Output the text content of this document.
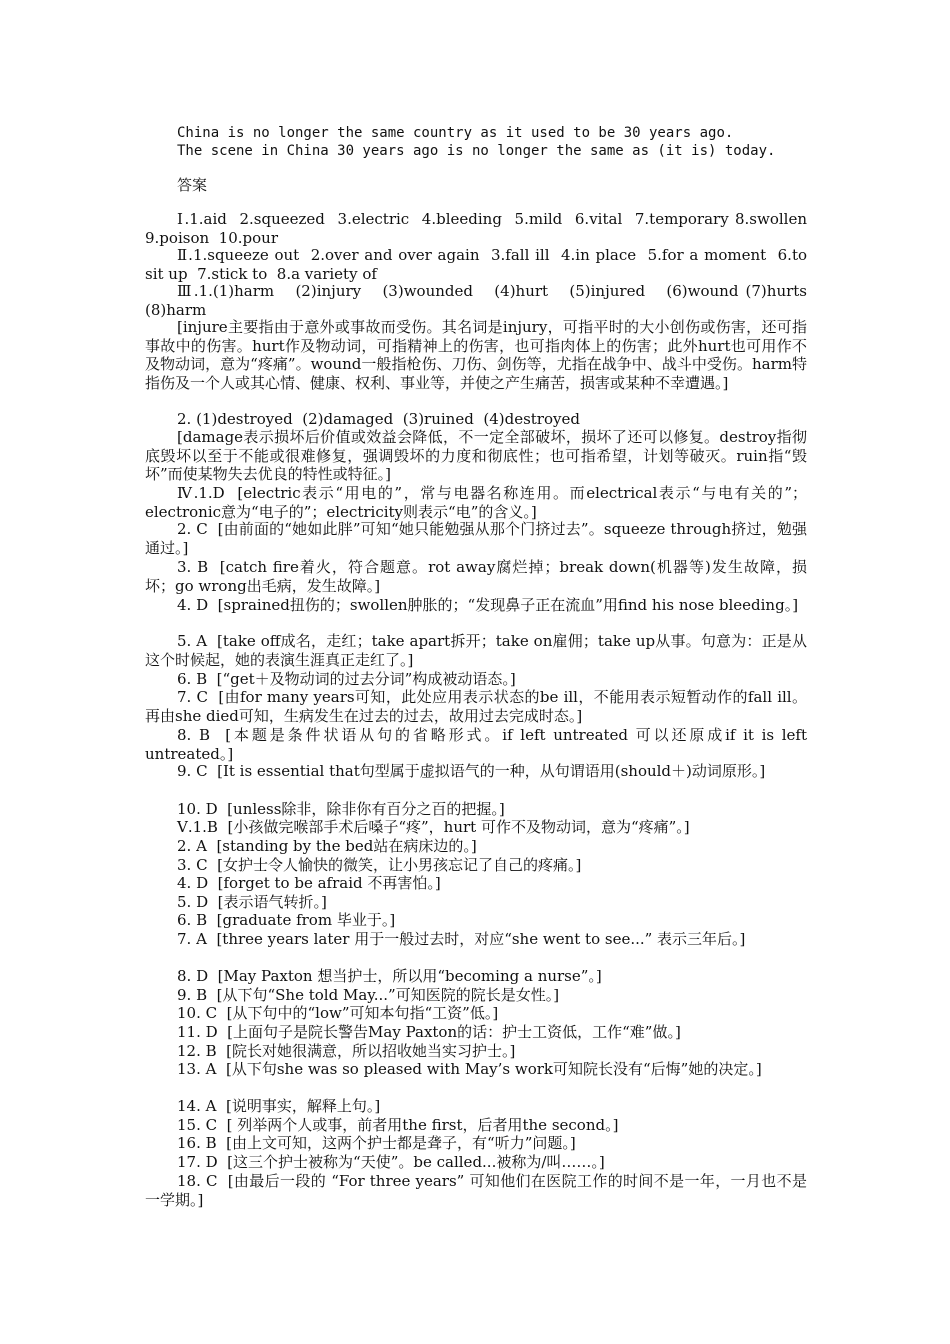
China is no longer the same country as it used to be 30 years ago.
The scene in China 30 years ago is no longer the same as (it is) today.
答案
Ⅰ.1.aid  2.squeezed  3.electric  4.bleeding  5.mild  6.vital  7.temporary 8.swollen  9.poison  10.pour
Ⅱ.1.squeeze out  2.over and over again  3.fall ill  4.in place  5.for a moment  6.to sit up  7.stick to  8.a variety of
Ⅲ.1.(1)harm   (2)injury   (3)wounded   (4)hurt   (5)injured   (6)wound (7)hurts  (8)harm
[injure主要指由于意外或事故而受伤。其名词是injury，可指平时的大小创伤或伤害，还可指事故中的伤害。hurt作及物动词，可指精神上的伤害，也可指肉体上的伤害；此外hurt也可用作不及物动词，意为“疼痛”。wound一般指枪伤、刀伤、剑伤等，尤指在战争中、战斗中受伤。harm特指伤及一个人或其心情、健康、权利、事业等，并使之产生痛苦，损害或某种不幸遭遇。]
2. (1)destroyed  (2)damaged  (3)ruined  (4)destroyed
[damage表示损坏后价值或效益会降低，不一定全部破坏，损坏了还可以修复。destroy指彻底毁坏以至于不能或很难修复，强调毁坏的力度和彻底性；也可指希望，计划等破灭。ruin指“毁坏”而使某物失去优良的特性或特征。]
Ⅳ.1.D  [electric表示“用电的”，常与电器名称连用。而electrical表示“与电有关的”；electronic意为“电子的”；electricity则表示“电”的含义。]
2. C  [由前面的“她如此胖”可知“她只能勉强从那个门挤过去”。squeeze through挤过，勉强通过。]
3. B  [catch fire着火，符合题意。rot away腐烂掉；break down(机器等)发生故障，损坏；go wrong出毛病，发生故障。]
4. D  [sprained扭伤的；swollen肿胀的；“发现鼻子正在流血”用find his nose bleeding。]
5. A  [take off成名，走红；take apart拆开；take on雇佣；take up从事。句意为：正是从这个时候起，她的表演生涯真正走红了。]
6. B  [“get＋及物动词的过去分词”构成被动语态。]
7. C  [由for many years可知，此处应用表示状态的be ill，不能用表示短暂动作的fall ill。再由she died可知，生病发生在过去的过去，故用过去完成时态。]
8. B  [本题是条件状语从句的省略形式。if left untreated 可以还原成if it is left untreated。]
9. C  [It is essential that句型属于虚拟语气的一种，从句谓语用(should＋)动词原形。]
10. D  [unless除非，除非你有百分之百的把握。]
Ⅴ.1.B  [小孩做完喉部手术后嗓子“疼”，hurt 可作不及物动词，意为“疼痛”。]
2. A  [standing by the bed站在病床边的。]
3. C  [女护士令人愉快的微笑，让小男孩忘记了自己的疼痛。]
4. D  [forget to be afraid 不再害怕。]
5. D  [表示语气转折。]
6. B  [graduate from 毕业于。]
7. A  [three years later 用于一般过去时，对应“she went to see...” 表示三年后。]
8. D  [May Paxton 想当护士，所以用“becoming a nurse”。]
9. B  [从下句“She told May...”可知医院的院长是女性。]
10. C  [从下句中的“low”可知本句指“工资”低。]
11. D  [上面句子是院长警告May Paxton的话：护士工资低，工作“难”做。]
12. B  [院长对她很满意，所以招收她当实习护士。]
13. A  [从下句she was so pleased with May’s work可知院长没有“后悔”她的决定。]
14. A  [说明事实，解释上句。]
15. C  [ 列举两个人或事，前者用the first，后者用the second。]
16. B  [由上文可知，这两个护士都是聋子，有“听力”问题。]
17. D  [这三个护士被称为“天使”。be called...被称为/叫……。]
18. C  [由最后一段的 “For three years” 可知他们在医院工作的时间不是一年，一月也不是一学期。]
